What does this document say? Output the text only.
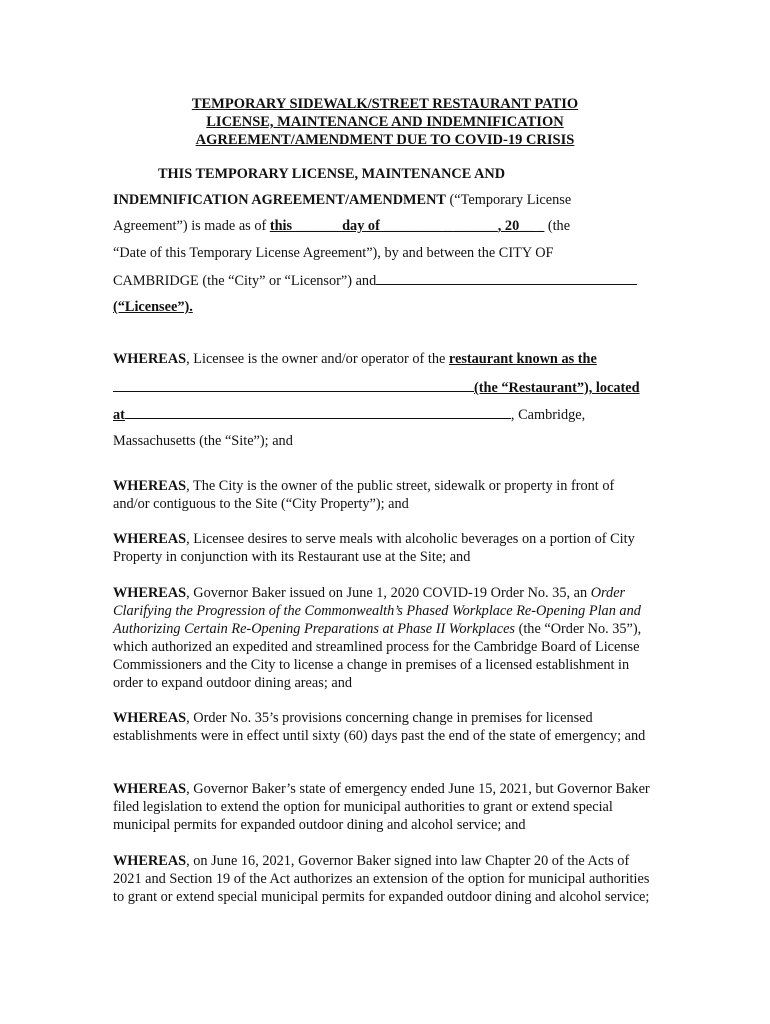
TEMPORARY SIDEWALK/STREET RESTAURANT PATIO
LICENSE, MAINTENANCE AND INDEMNIFICATION
AGREEMENT/AMENDMENT DUE TO COVID-19 CRISIS
THIS TEMPORARY LICENSE, MAINTENANCE AND
INDEMNIFICATION AGREEMENT/AMENDMENT (“Temporary License
Agreement”) is made as of this ______ day of ________ _ ______, 20__ _ (the
“Date of this Temporary License Agreement”), by and between the CITY OF
CAMBRIDGE (the “City” or “Licensor”) and
(“Licensee”).
WHEREAS, Licensee is the owner and/or operator of the restaurant known as the
(the “Restaurant”), located
at	, Cambridge,
Massachusetts (the “Site”); and
WHEREAS, The City is the owner of the public street, sidewalk or property in front of and/or contiguous to the Site (“City Property”); and
WHEREAS, Licensee desires to serve meals with alcoholic beverages on a portion of City Property in conjunction with its Restaurant use at the Site; and
WHEREAS, Governor Baker issued on June 1, 2020 COVID-19 Order No. 35, an Order Clarifying the Progression of the Commonwealth’s Phased Workplace Re-Opening Plan and Authorizing Certain Re-Opening Preparations at Phase II Workplaces (the “Order No. 35”), which authorized an expedited and streamlined process for the Cambridge Board of License Commissioners and the City to license a change in premises of a licensed establishment in order to expand outdoor dining areas; and
WHEREAS, Order No. 35’s provisions concerning change in premises for licensed establishments were in effect until sixty (60) days past the end of the state of emergency; and
WHEREAS, Governor Baker’s state of emergency ended June 15, 2021, but Governor Baker filed legislation to extend the option for municipal authorities to grant or extend special municipal permits for expanded outdoor dining and alcohol service; and
WHEREAS, on June 16, 2021, Governor Baker signed into law Chapter 20 of the Acts of 2021 and Section 19 of the Act authorizes an extension of the option for municipal authorities to grant or extend special municipal permits for expanded outdoor dining and alcohol service;
